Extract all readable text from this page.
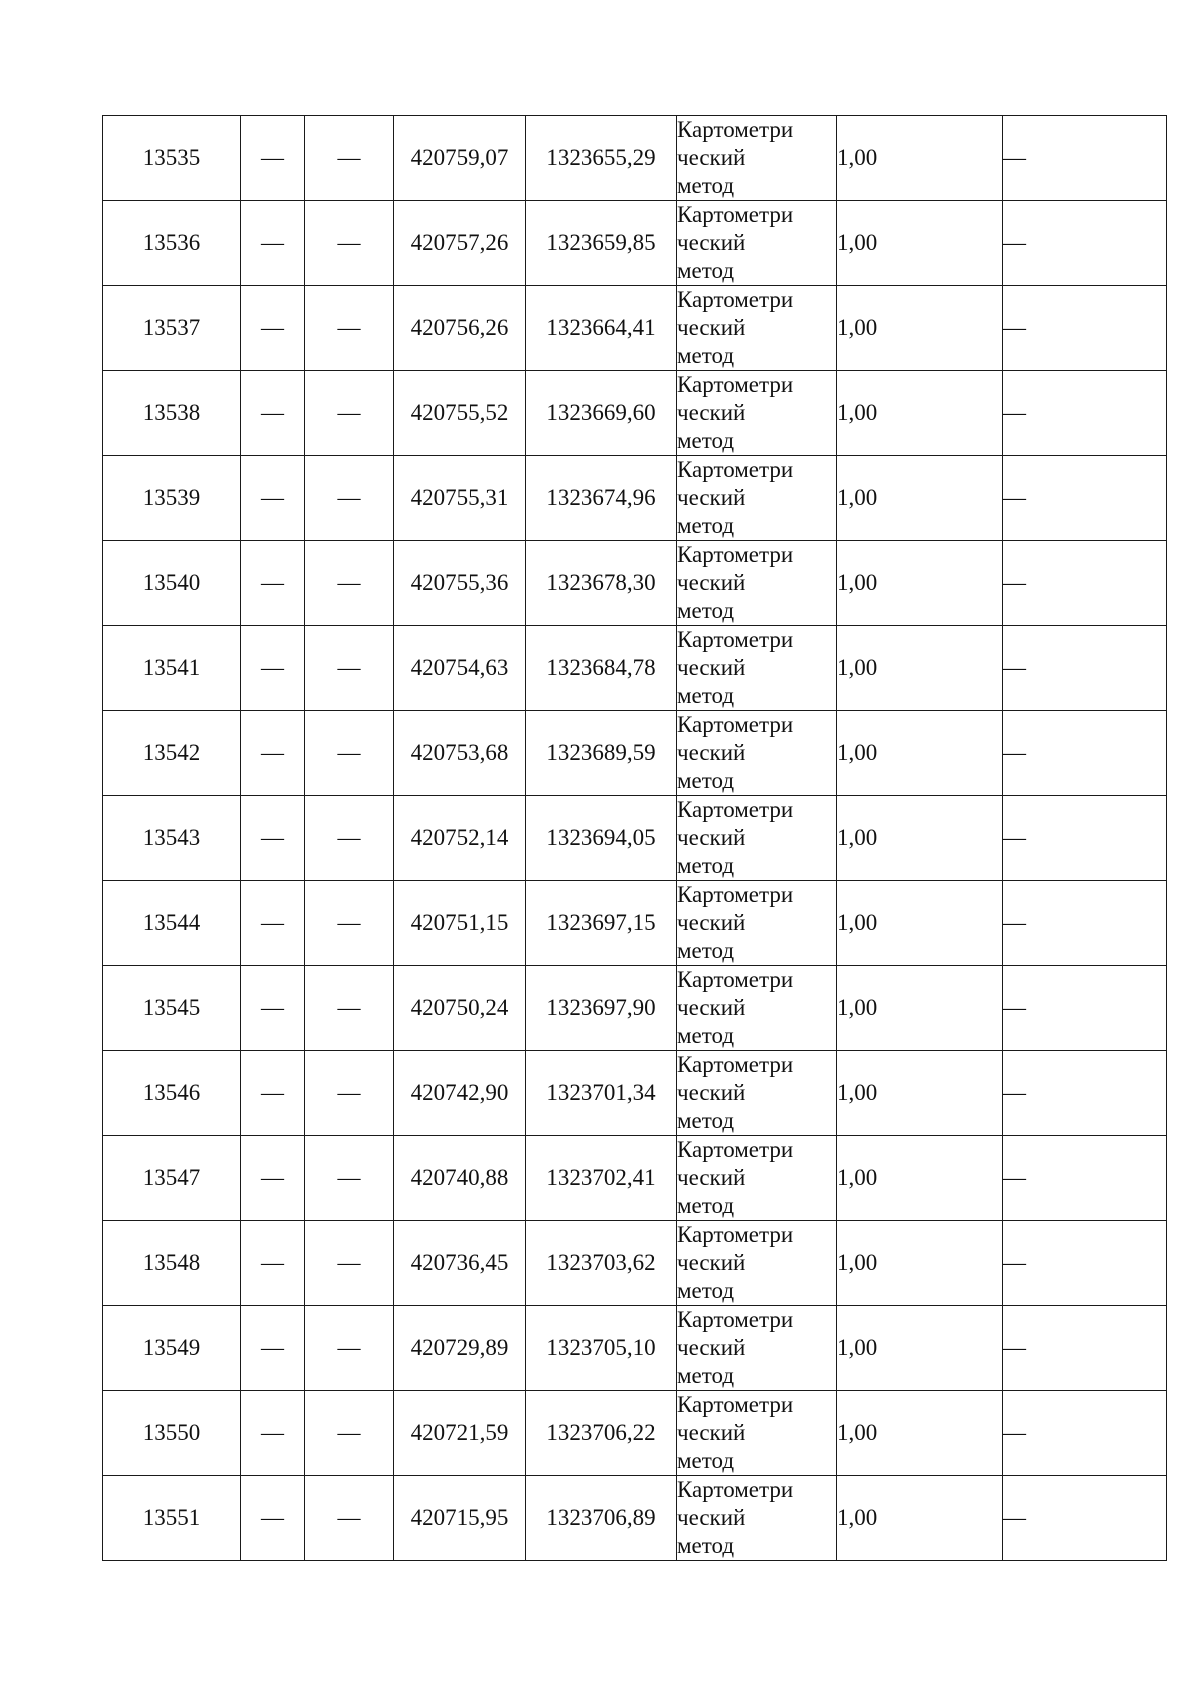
13535	—	—	420759,07	1323655,29	Картометри
ческий
метод	1,00	—
13536	—	—	420757,26	1323659,85	Картометри
ческий
метод	1,00	—
13537	—	—	420756,26	1323664,41	Картометри
ческий
метод	1,00	—
13538	—	—	420755,52	1323669,60	Картометри
ческий
метод	1,00	—
13539	—	—	420755,31	1323674,96	Картометри
ческий
метод	1,00	—
13540	—	—	420755,36	1323678,30	Картометри
ческий
метод	1,00	—
13541	—	—	420754,63	1323684,78	Картометри
ческий
метод	1,00	—
13542	—	—	420753,68	1323689,59	Картометри
ческий
метод	1,00	—
13543	—	—	420752,14	1323694,05	Картометри
ческий
метод	1,00	—
13544	—	—	420751,15	1323697,15	Картометри
ческий
метод	1,00	—
13545	—	—	420750,24	1323697,90	Картометри
ческий
метод	1,00	—
13546	—	—	420742,90	1323701,34	Картометри
ческий
метод	1,00	—
13547	—	—	420740,88	1323702,41	Картометри
ческий
метод	1,00	—
13548	—	—	420736,45	1323703,62	Картометри
ческий
метод	1,00	—
13549	—	—	420729,89	1323705,10	Картометри
ческий
метод	1,00	—
13550	—	—	420721,59	1323706,22	Картометри
ческий
метод	1,00	—
13551	—	—	420715,95	1323706,89	Картометри
ческий
метод	1,00	—
